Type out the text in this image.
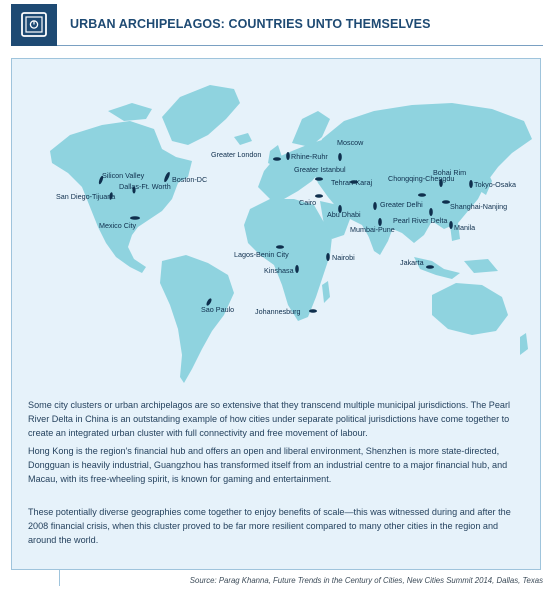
URBAN ARCHIPELAGOS: COUNTRIES UNTO THEMSELVES
Silicon Valley
San Diego-Tijuana
Dallas-Ft. Worth
Boston-DC
Mexico City
Sao Paulo
Greater London	Rhine-Ruhr
Moscow
Greater Istanbul
Tehran-Karaj
Cairo
Abu Dhabi
Lagos-Benin City
Kinshasa
Nairobi
Johannesburg
Greater Delhi
Mumbai-Pune
Chongqing-Chengdu
Bohai Rim
Tokyo-Osaka
Shanghai-Nanjing
Pearl River Delta
Manila
Jakarta

Some city clusters or urban archipelagos are so extensive that they transcend multiple municipal jurisdictions. The Pearl River Delta in China is an outstanding example of how cities under separate political jurisdictions have come together to create an integrated urban cluster with full connectivity and free movement of labour.

Hong Kong is the region's financial hub and offers an open and liberal environment, Shenzhen is more state-directed, Dongguan is heavily industrial, Guangzhou has transformed itself from an industrial centre to a major financial hub, and Macau, with its free-wheeling spirit, is known for gaming and entertainment.

These potentially diverse geographies come together to enjoy benefits of scale—this was witnessed during and after the 2008 financial crisis, when this cluster proved to be far more resilient compared to many other cities in the region and around the world.

Source: Parag Khanna, Future Trends in the Century of Cities, New Cities Summit 2014, Dallas, Texas
